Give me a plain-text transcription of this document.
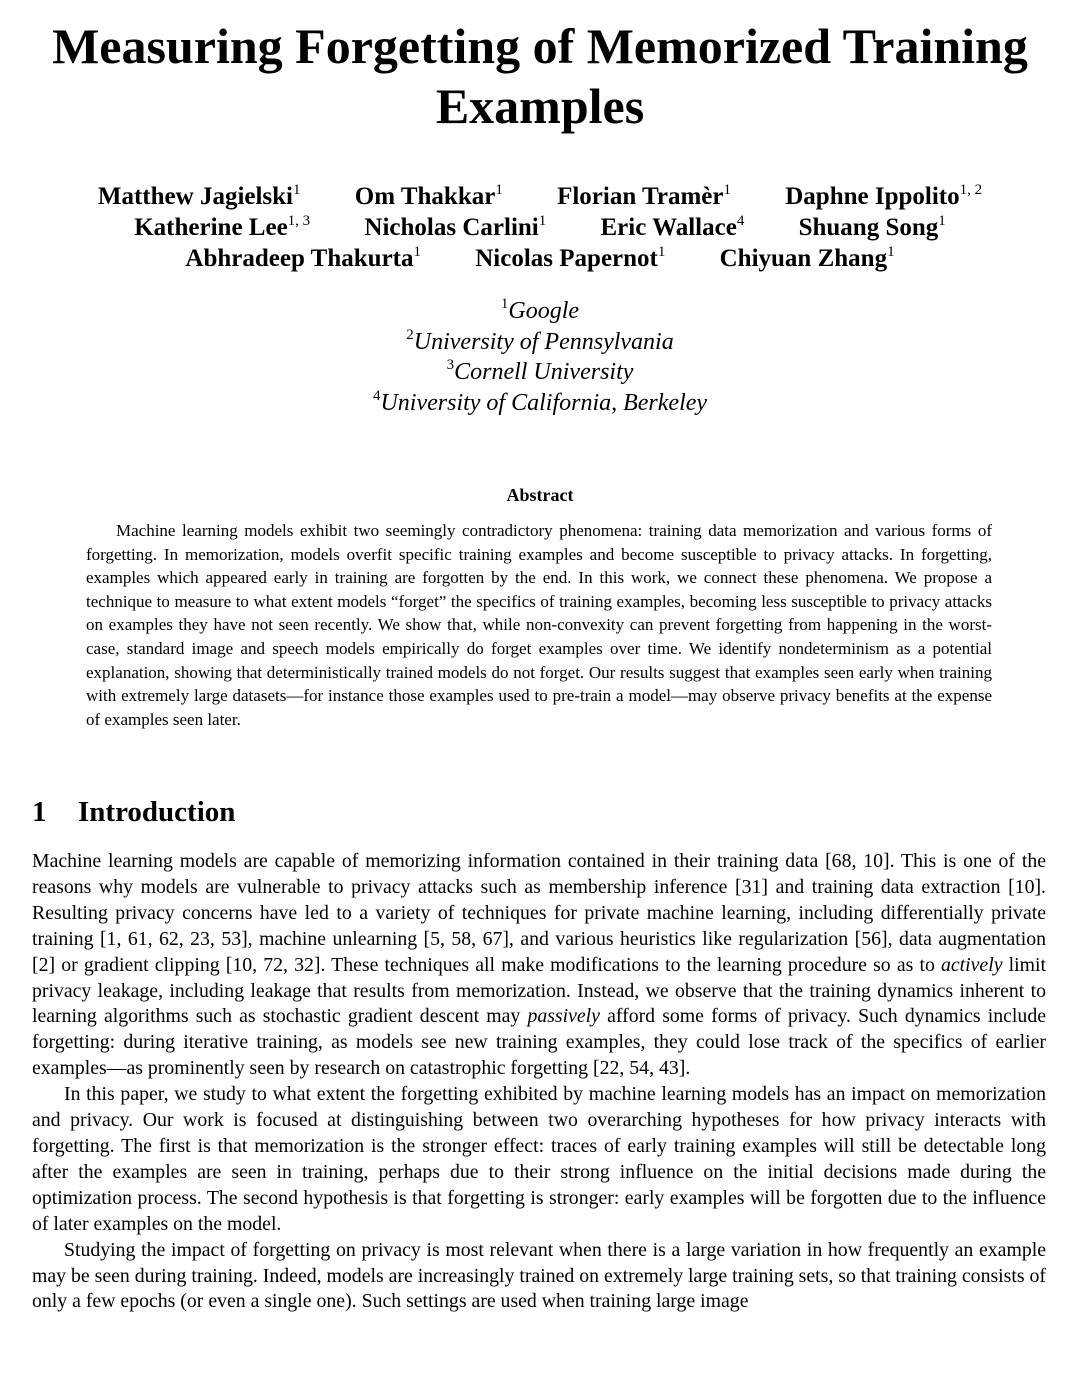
Measuring Forgetting of Memorized Training Examples
Matthew Jagielski$^1$ Om Thakkar$^1$ Florian Tramèr$^1$ Daphne Ippolito$^{1, 2}$
Katherine Lee$^{1, 3}$ Nicholas Carlini$^1$ Eric Wallace$^4$ Shuang Song$^1$
Abhradeep Thakurta$^1$ Nicolas Papernot$^1$ Chiyuan Zhang$^1$
$^1$Google
$^2$University of Pennsylvania
$^3$Cornell University
$^4$University of California, Berkeley
Abstract

Machine learning models exhibit two seemingly contradictory phenomena: training data memorization and various forms of forgetting. In memorization, models overfit specific training examples and become susceptible to privacy attacks. In forgetting, examples which appeared early in training are forgotten by the end. In this work, we connect these phenomena. We propose a technique to measure to what extent models “forget” the specifics of training examples, becoming less susceptible to privacy attacks on examples they have not seen recently. We show that, while non-convexity can prevent forgetting from happening in the worst-case, standard image and speech models empirically do forget examples over time. We identify nondeterminism as a potential explanation, showing that deterministically trained models do not forget. Our results suggest that examples seen early when training with extremely large datasets—for instance those examples used to pre-train a model—may observe privacy benefits at the expense of examples seen later.

1 Introduction

Machine learning models are capable of memorizing information contained in their training data [68, 10]. This is one of the reasons why models are vulnerable to privacy attacks such as membership inference [31] and training data extraction [10]. Resulting privacy concerns have led to a variety of techniques for private machine learning, including differentially private training [1, 61, 62, 23, 53], machine unlearning [5, 58, 67], and various heuristics like regularization [56], data augmentation [2] or gradient clipping [10, 72, 32]. These techniques all make modifications to the learning procedure so as to actively limit privacy leakage, including leakage that results from memorization. Instead, we observe that the training dynamics inherent to learning algorithms such as stochastic gradient descent may passively afford some forms of privacy. Such dynamics include forgetting: during iterative training, as models see new training examples, they could lose track of the specifics of earlier examples—as prominently seen by research on catastrophic forgetting [22, 54, 43].

In this paper, we study to what extent the forgetting exhibited by machine learning models has an impact on memorization and privacy. Our work is focused at distinguishing between two overarching hypotheses for how privacy interacts with forgetting. The first is that memorization is the stronger effect: traces of early training examples will still be detectable long after the examples are seen in training, perhaps due to their strong influence on the initial decisions made during the optimization process. The second hypothesis is that forgetting is stronger: early examples will be forgotten due to the influence of later examples on the model.

Studying the impact of forgetting on privacy is most relevant when there is a large variation in how frequently an example may be seen during training. Indeed, models are increasingly trained on extremely large training sets, so that training consists of only a few epochs (or even a single one). Such settings are used when training large image
